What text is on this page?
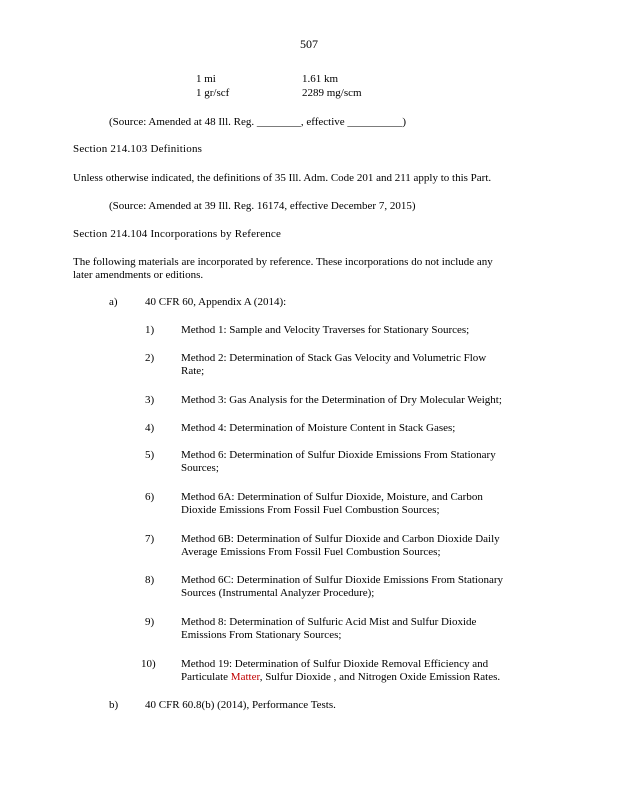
507
1 mi	1.61 km
1 gr/scf	2289 mg/scm
(Source: Amended at 48 Ill. Reg. ________, effective __________)
Section 214.103 Definitions
Unless otherwise indicated, the definitions of 35 Ill. Adm. Code 201 and 211 apply to this Part.
(Source: Amended at 39 Ill. Reg. 16174, effective December 7, 2015)
Section 214.104 Incorporations by Reference
The following materials are incorporated by reference. These incorporations do not include any
later amendments or editions.
a) 40 CFR 60, Appendix A (2014):
1) Method 1: Sample and Velocity Traverses for Stationary Sources;
2) Method 2: Determination of Stack Gas Velocity and Volumetric Flow
Rate;
3) Method 3: Gas Analysis for the Determination of Dry Molecular Weight;
4) Method 4: Determination of Moisture Content in Stack Gases;
5) Method 6: Determination of Sulfur Dioxide Emissions From Stationary
Sources;
6) Method 6A: Determination of Sulfur Dioxide, Moisture, and Carbon
Dioxide Emissions From Fossil Fuel Combustion Sources;
7) Method 6B: Determination of Sulfur Dioxide and Carbon Dioxide Daily
Average Emissions From Fossil Fuel Combustion Sources;
8) Method 6C: Determination of Sulfur Dioxide Emissions From Stationary
Sources (Instrumental Analyzer Procedure);
9) Method 8: Determination of Sulfuric Acid Mist and Sulfur Dioxide
Emissions From Stationary Sources;
10) Method 19: Determination of Sulfur Dioxide Removal Efficiency and
Particulate Matter, Sulfur Dioxide , and Nitrogen Oxide Emission Rates.
b) 40 CFR 60.8(b) (2014), Performance Tests.
